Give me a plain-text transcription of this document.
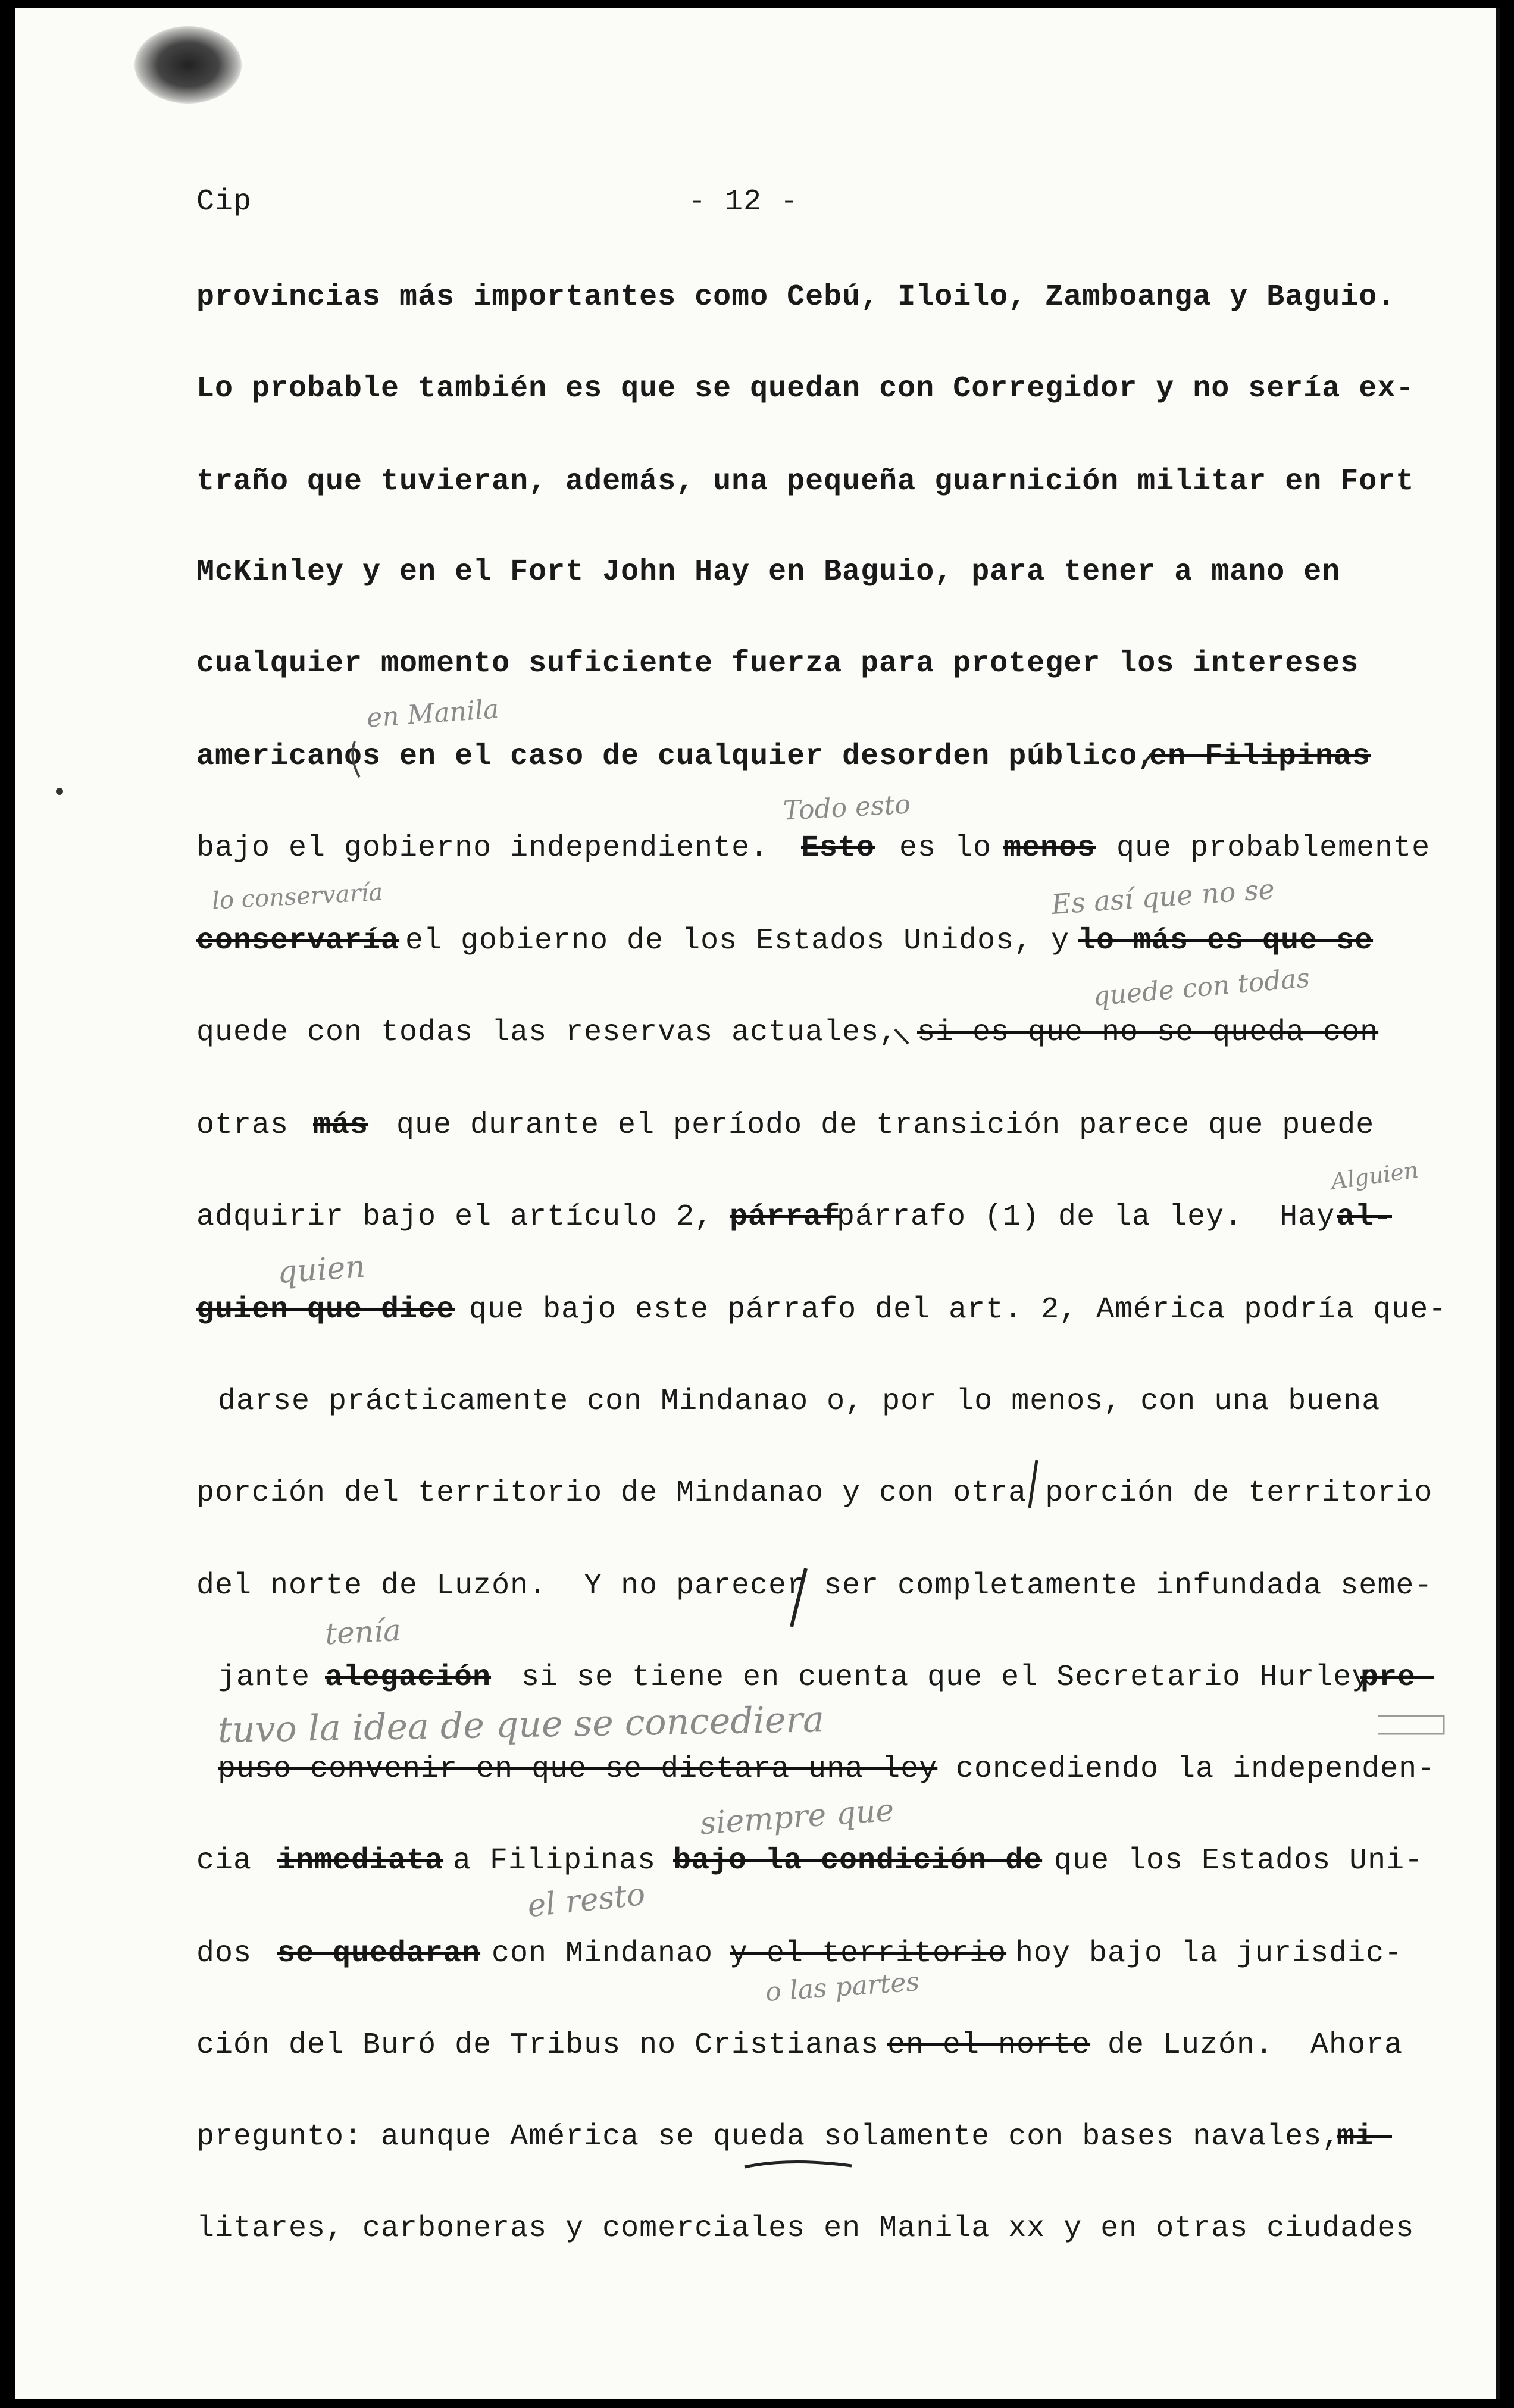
Cip	- 12 -
provincias más importantes como Cebú, Iloilo, Zamboanga y Baguio.
Lo probable también es que se quedan con Corregidor y no sería ex-
traño que tuvieran, además, una pequeña guarnición militar en Fort
McKinley y en el Fort John Hay en Baguio, para tener a mano en
cualquier momento suficiente fuerza para proteger los intereses
americanos en el caso de cualquier desorden público,
en Filipinas
bajo el gobierno independiente. Esto es lo menos que probablemente
conservaría el gobierno de los Estados Unidos, y lo más es que se
quede con todas las reservas actuales, si es que no se queda con
otras más que durante el período de transición parece que puede
adquirir bajo el artículo 2, párraf
párrafo (1) de la ley.  Hay al-
guien que dice que bajo este párrafo del art. 2, América podría que-
darse prácticamente con Mindanao o, por lo menos, con una buena
porción del territorio de Mindanao y con otra porción de territorio
del norte de Luzón.  Y no parecer ser completamente infundada seme-
jante alegación si se tiene en cuenta que el Secretario Hurley
pre-
puso convenir en que se dictara una ley concediendo la independen-
cia inmediata a Filipinas bajo la condición de que los Estados Uni-
dos se quedaran con Mindanao y el territorio hoy bajo la jurisdic-
ción del Buró de Tribus no Cristianas en el norte de Luzón.  Ahora
pregunto: aunque América se queda solamente con bases navales,
mi-
litares, carboneras y comerciales en Manila xx y en otras ciudades
en Manila
Todo esto
lo conservaría	Es así que no se
quede con todas
Alguien
quien
tenía
tuvo la idea de que se concediera
siempre que
el resto
o las partes
